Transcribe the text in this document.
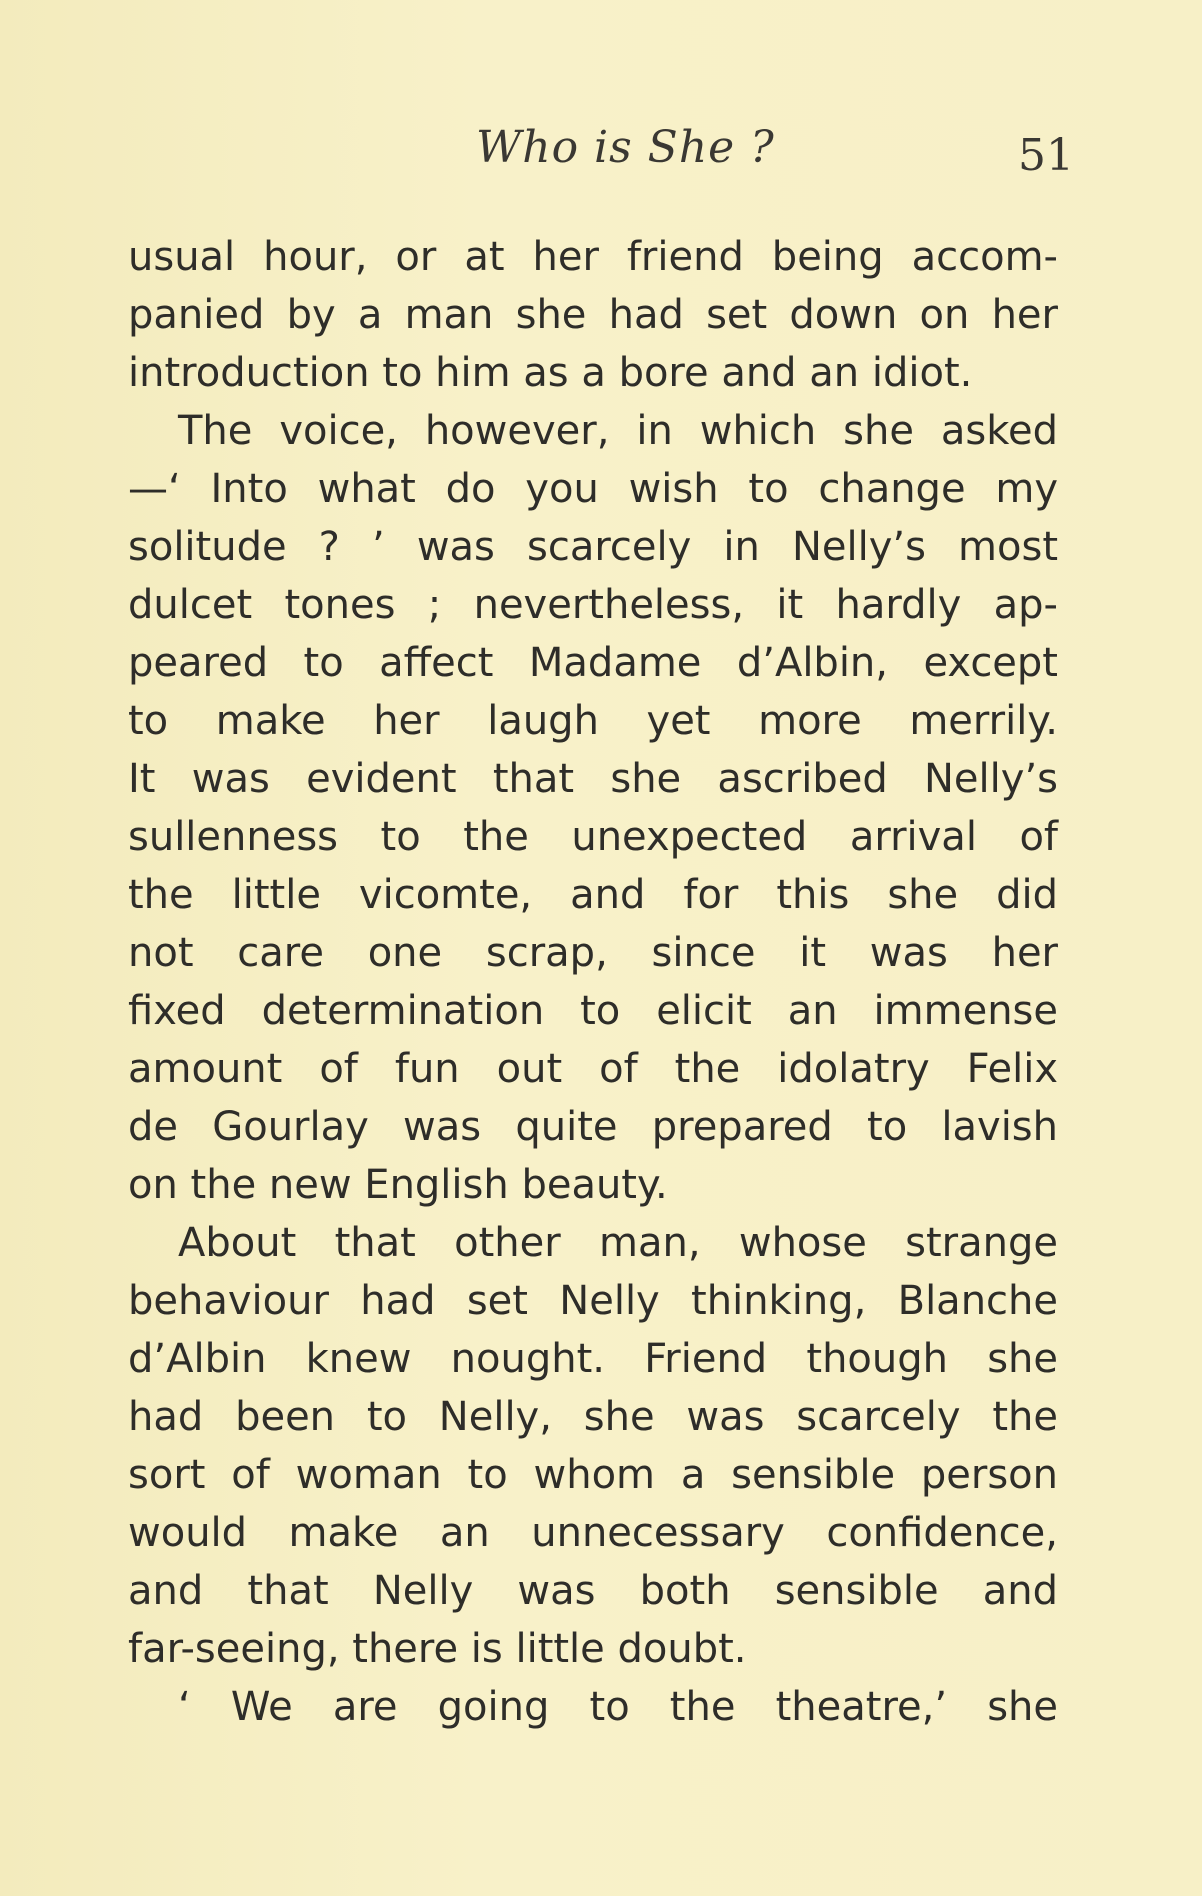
Who is She ?	51
usual hour, or at her friend being accom-
panied by a man she had set down on her
introduction to him as a bore and an idiot.
The voice, however, in which she asked
—‘ Into what do you wish to change my
solitude ? ’ was scarcely in Nelly’s most
dulcet tones ; nevertheless, it hardly ap-
peared to affect Madame d’Albin, except
to make her laugh yet more merrily.
It was evident that she ascribed Nelly’s
sullenness to the unexpected arrival of
the little vicomte, and for this she did
not care one scrap, since it was her
fixed determination to elicit an immense
amount of fun out of the idolatry Felix
de Gourlay was quite prepared to lavish
on the new English beauty.
About that other man, whose strange
behaviour had set Nelly thinking, Blanche
d’Albin knew nought. Friend though she
had been to Nelly, she was scarcely the
sort of woman to whom a sensible person
would make an unnecessary confidence,
and that Nelly was both sensible and
far-seeing, there is little doubt.
‘ We are going to the theatre,’ she
